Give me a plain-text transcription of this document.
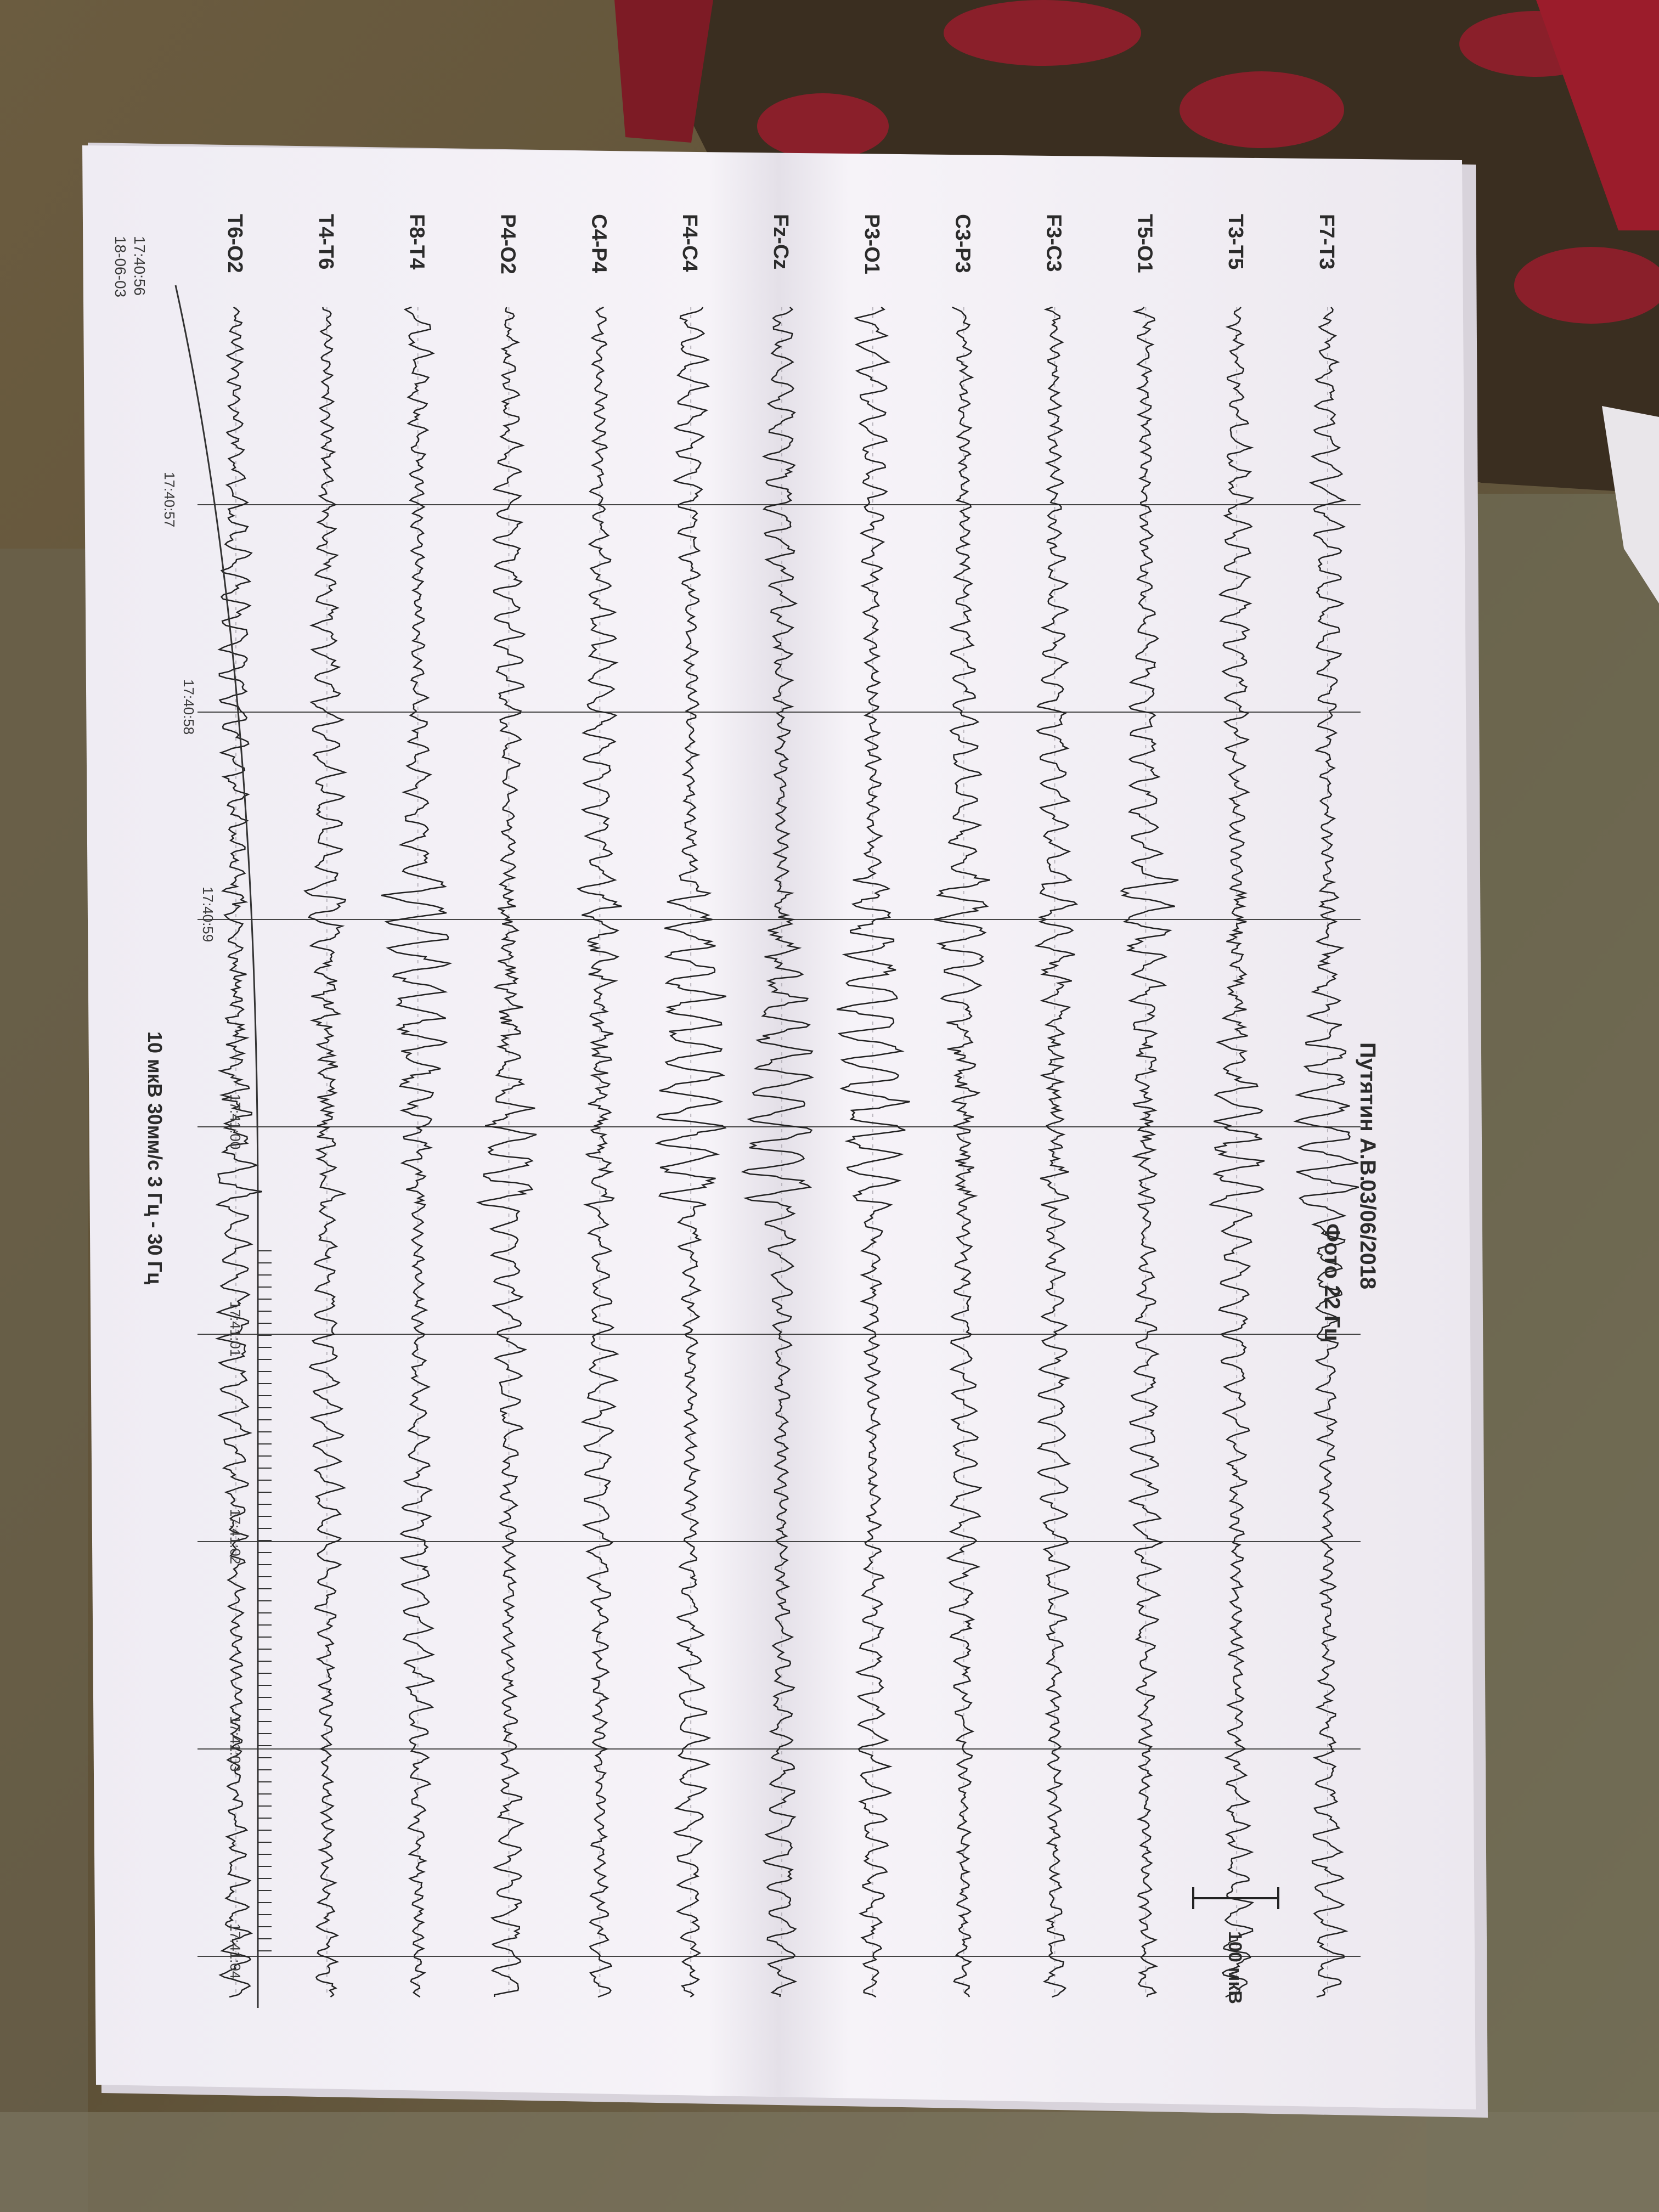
Путятин А.В.
03/06/2018
Фото 22 Гц
10 мкВ 30мм/с 3 Гц - 30 Гц
100 мкВ
17:40:56
18-06-03	F7-T3
T3-T5
T5-O1
F3-C3
C3-P3
P3-O1
Fz-Cz
F4-C4
C4-P4
P4-O2
F8-T4
T4-T6
T6-O2
17:40:57
17:40:58
17:40:59
17:41:00
17:41:01
17:41:02
17:41:03
17:41:04
